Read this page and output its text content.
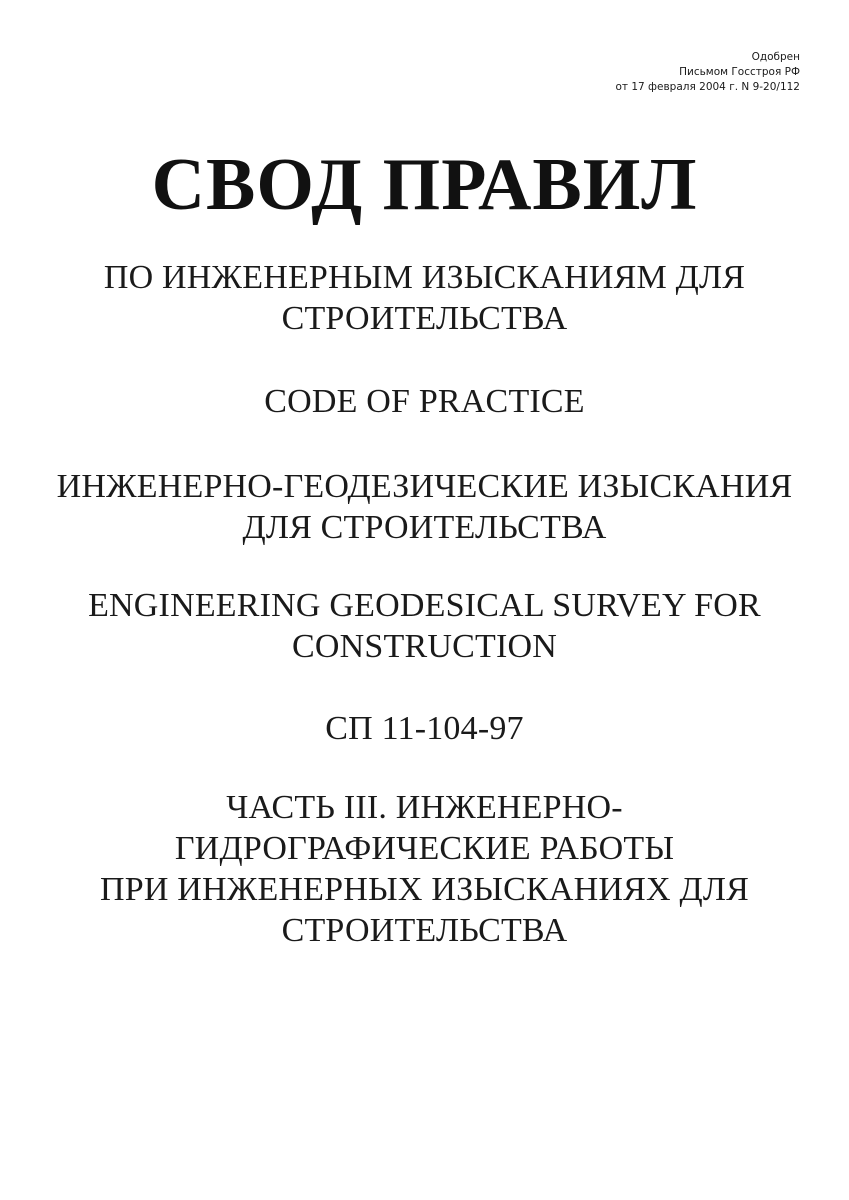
Одобрен
Письмом Госстроя РФ
от 17 февраля 2004 г. N 9-20/112
СВОД ПРАВИЛ
ПО ИНЖЕНЕРНЫМ ИЗЫСКАНИЯМ ДЛЯ
СТРОИТЕЛЬСТВА
CODE OF PRACTICE
ИНЖЕНЕРНО-ГЕОДЕЗИЧЕСКИЕ ИЗЫСКАНИЯ
ДЛЯ СТРОИТЕЛЬСТВА
ENGINEERING GEODESICAL SURVEY FOR
CONSTRUCTION
СП 11-104-97
ЧАСТЬ III. ИНЖЕНЕРНО-
ГИДРОГРАФИЧЕСКИЕ РАБОТЫ
ПРИ ИНЖЕНЕРНЫХ ИЗЫСКАНИЯХ ДЛЯ
СТРОИТЕЛЬСТВА
